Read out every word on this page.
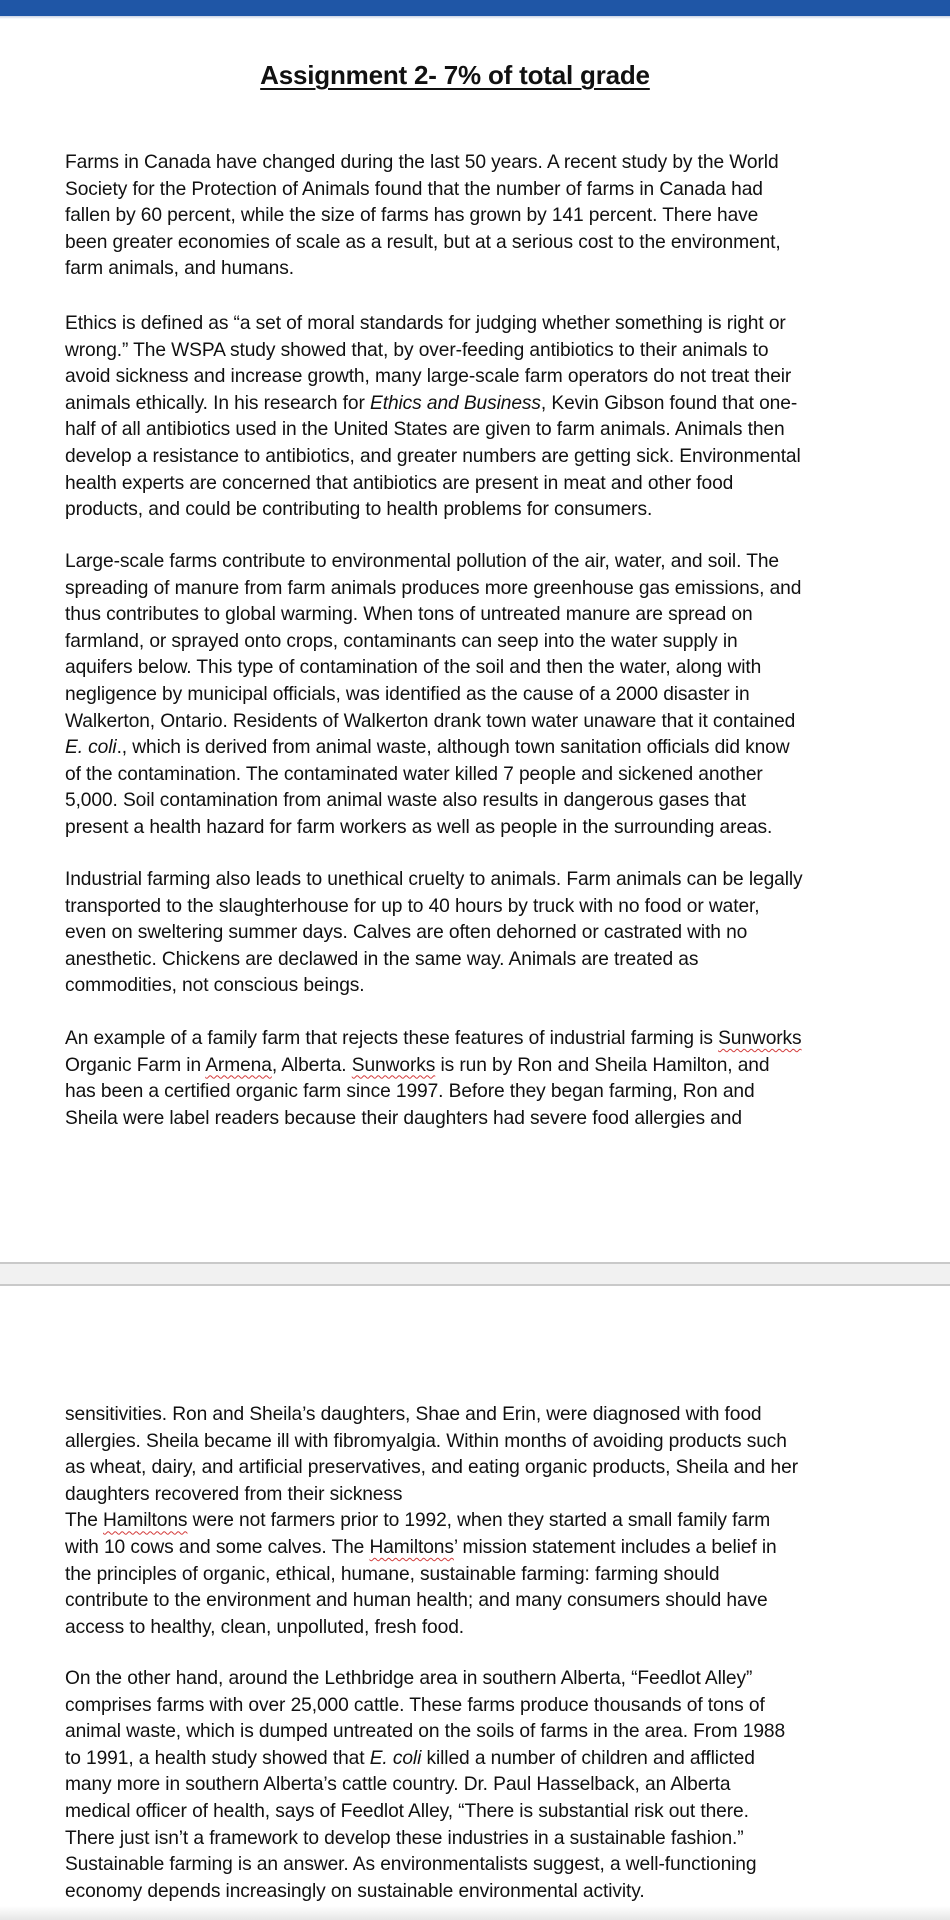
Assignment 2- 7% of total grade

Farms in Canada have changed during the last 50 years. A recent study by the World
Society for the Protection of Animals found that the number of farms in Canada had
fallen by 60 percent, while the size of farms has grown by 141 percent. There have
been greater economies of scale as a result, but at a serious cost to the environment,
farm animals, and humans.

Ethics is defined as “a set of moral standards for judging whether something is right or
wrong.” The WSPA study showed that, by over-feeding antibiotics to their animals to
avoid sickness and increase growth, many large-scale farm operators do not treat their
animals ethically. In his research for Ethics and Business, Kevin Gibson found that one-
half of all antibiotics used in the United States are given to farm animals. Animals then
develop a resistance to antibiotics, and greater numbers are getting sick. Environmental
health experts are concerned that antibiotics are present in meat and other food
products, and could be contributing to health problems for consumers.

Large-scale farms contribute to environmental pollution of the air, water, and soil. The
spreading of manure from farm animals produces more greenhouse gas emissions, and
thus contributes to global warming. When tons of untreated manure are spread on
farmland, or sprayed onto crops, contaminants can seep into the water supply in
aquifers below. This type of contamination of the soil and then the water, along with
negligence by municipal officials, was identified as the cause of a 2000 disaster in
Walkerton, Ontario. Residents of Walkerton drank town water unaware that it contained
E. coli., which is derived from animal waste, although town sanitation officials did know
of the contamination. The contaminated water killed 7 people and sickened another
5,000. Soil contamination from animal waste also results in dangerous gases that
present a health hazard for farm workers as well as people in the surrounding areas.

Industrial farming also leads to unethical cruelty to animals. Farm animals can be legally
transported to the slaughterhouse for up to 40 hours by truck with no food or water,
even on sweltering summer days. Calves are often dehorned or castrated with no
anesthetic. Chickens are declawed in the same way. Animals are treated as
commodities, not conscious beings.

An example of a family farm that rejects these features of industrial farming is Sunworks
Organic Farm in Armena, Alberta. Sunworks is run by Ron and Sheila Hamilton, and
has been a certified organic farm since 1997. Before they began farming, Ron and
Sheila were label readers because their daughters had severe food allergies and

sensitivities. Ron and Sheila’s daughters, Shae and Erin, were diagnosed with food
allergies. Sheila became ill with fibromyalgia. Within months of avoiding products such
as wheat, dairy, and artificial preservatives, and eating organic products, Sheila and her
daughters recovered from their sickness
The Hamiltons were not farmers prior to 1992, when they started a small family farm
with 10 cows and some calves. The Hamiltons’ mission statement includes a belief in
the principles of organic, ethical, humane, sustainable farming: farming should
contribute to the environment and human health; and many consumers should have
access to healthy, clean, unpolluted, fresh food.

On the other hand, around the Lethbridge area in southern Alberta, “Feedlot Alley”
comprises farms with over 25,000 cattle. These farms produce thousands of tons of
animal waste, which is dumped untreated on the soils of farms in the area. From 1988
to 1991, a health study showed that E. coli killed a number of children and afflicted
many more in southern Alberta’s cattle country. Dr. Paul Hasselback, an Alberta
medical officer of health, says of Feedlot Alley, “There is substantial risk out there.
There just isn’t a framework to develop these industries in a sustainable fashion.”
Sustainable farming is an answer. As environmentalists suggest, a well-functioning
economy depends increasingly on sustainable environmental activity.
